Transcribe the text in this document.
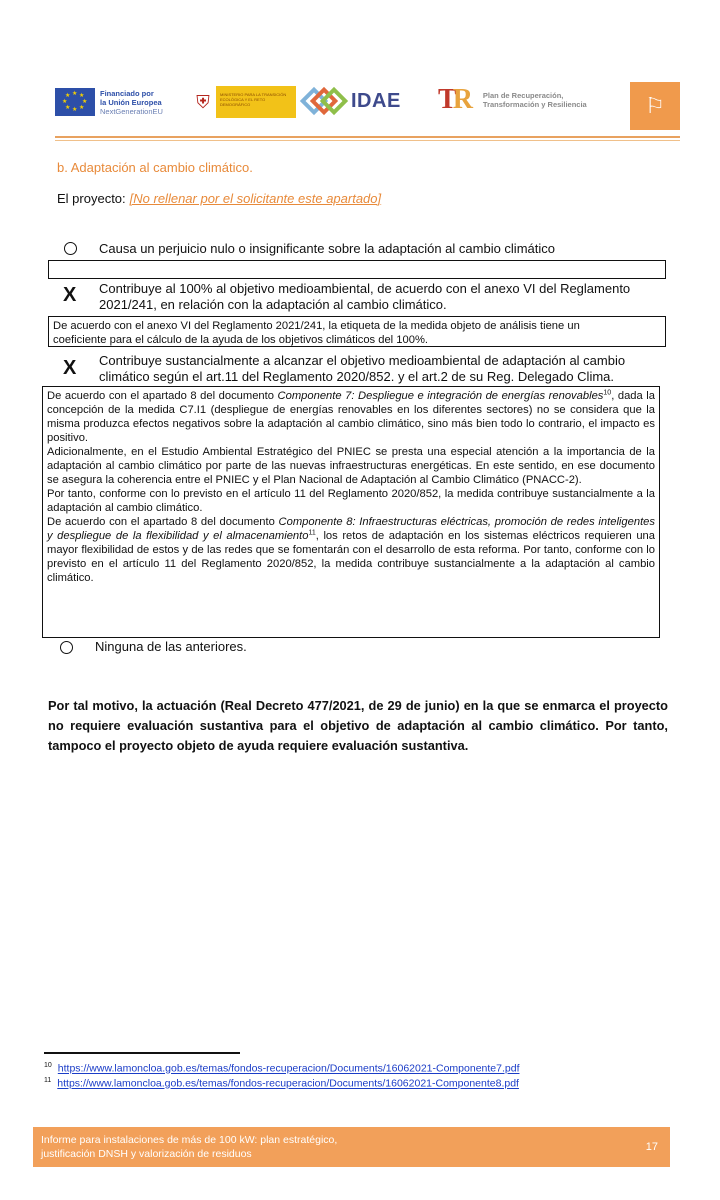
★ ★
★
★
★
★
★
★	Financiado por
la Unión Europea
NextGenerationEU	⛨	MINISTERIO PARA LA TRANSICIÓN ECOLÓGICA Y EL RETO DEMOGRÁFICO	IDAE TR Plan de Recuperación,
Transformación y Resiliencia	⚐
b. Adaptación al cambio climático.
El proyecto: [No rellenar por el solicitante este apartado]
Causa un perjuicio nulo o insignificante sobre la adaptación al cambio climático
X Contribuye al 100% al objetivo medioambiental, de acuerdo con el anexo VI del Reglamento
2021/241, en relación con la adaptación al cambio climático.

De acuerdo con el anexo VI del Reglamento 2021/241, la etiqueta de la medida objeto de análisis tiene un

coeficiente para el cálculo de la ayuda de los objetivos climáticos del 100%.

X Contribuye sustancialmente a alcanzar el objetivo medioambiental de adaptación al cambio
climático según el art.11 del Reglamento 2020/852. y el art.2 de su Reg. Delegado Clima.

De acuerdo con el apartado 8 del documento Componente 7: Despliegue e integración de energías renovables$^{10}$, dada la concepción de la medida C7.I1 (despliegue de energías renovables en los diferentes sectores) no se considera que la misma produzca efectos negativos sobre la adaptación al cambio climático, sino más bien todo lo contrario, el impacto es positivo.

Adicionalmente, en el Estudio Ambiental Estratégico del PNIEC se presta una especial atención a la importancia de la adaptación al cambio climático por parte de las nuevas infraestructuras energéticas. En este sentido, en ese documento se asegura la coherencia entre el PNIEC y el Plan Nacional de Adaptación al Cambio Climático (PNACC-2).

Por tanto, conforme con lo previsto en el artículo 11 del Reglamento 2020/852, la medida contribuye sustancialmente a la adaptación al cambio climático.

De acuerdo con el apartado 8 del documento Componente 8: Infraestructuras eléctricas, promoción de redes inteligentes y despliegue de la flexibilidad y el almacenamiento$^{11}$, los retos de adaptación en los sistemas eléctricos requieren una mayor flexibilidad de estos y de las redes que se fomentarán con el desarrollo de esta reforma. Por tanto, conforme con lo previsto en el artículo 11 del Reglamento 2020/852, la medida contribuye sustancialmente a la adaptación al cambio climático.

Ninguna de las anteriores.
Por tal motivo, la actuación (Real Decreto 477/2021, de 29 de junio) en la que se enmarca el proyecto no requiere evaluación sustantiva para el objetivo de adaptación al cambio climático. Por tanto, tampoco el proyecto objeto de ayuda requiere evaluación sustantiva.
$^{10}$ https://www.lamoncloa.gob.es/temas/fondos-recuperacion/Documents/16062021-Componente7.pdf
$^{11}$ https://www.lamoncloa.gob.es/temas/fondos-recuperacion/Documents/16062021-Componente8.pdf
Informe para instalaciones de más de 100 kW: plan estratégico,
justificación DNSH y valorización de residuos
17
